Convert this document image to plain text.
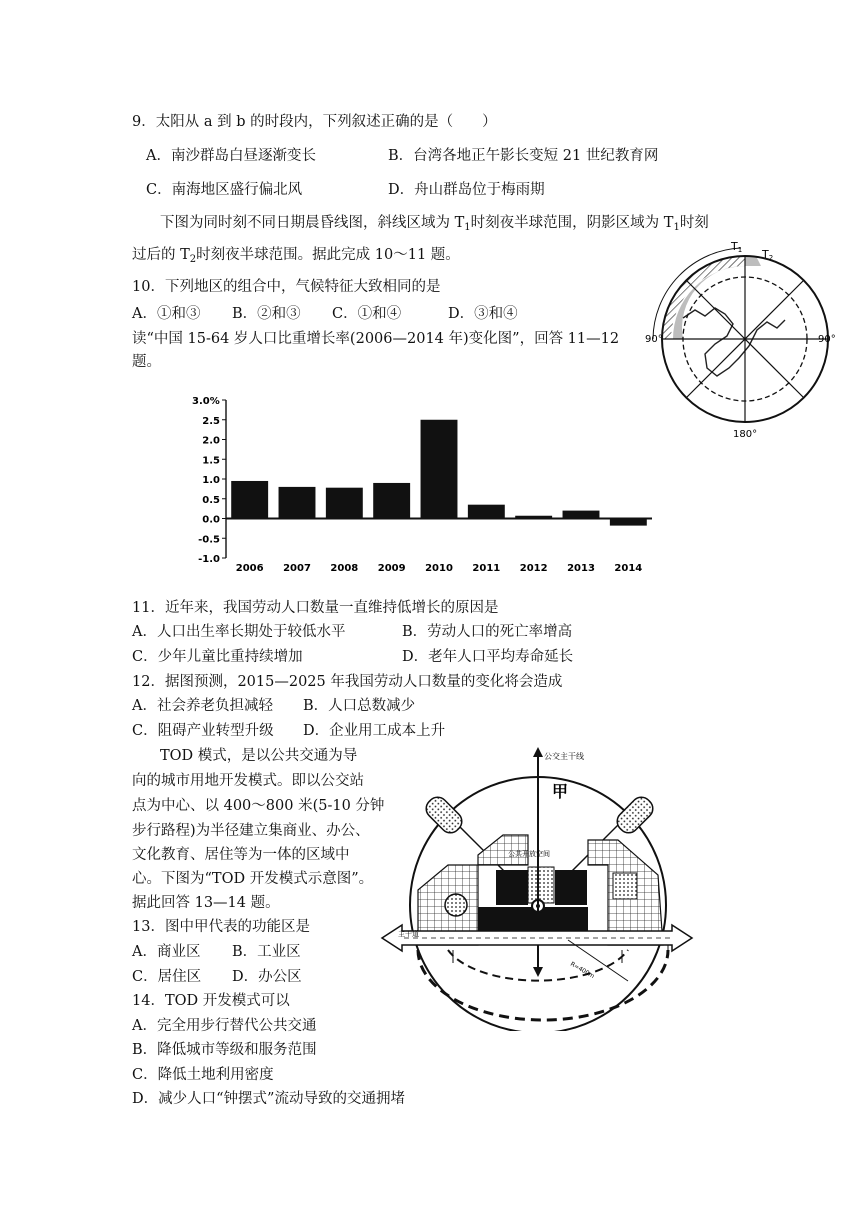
9．太阳从 a 到 b 的时段内，下列叙述正确的是（　　）
A．南沙群岛白昼逐渐变长	B．台湾各地正午影长变短 21 世纪教育网
C．南海地区盛行偏北风	D．舟山群岛位于梅雨期
下图为同时刻不同日期晨昏线图，斜线区域为 $T_1$时刻夜半球范围，阴影区域为 $T_1$时刻
过后的 $T_2$时刻夜半球范围。据此完成 10～11 题。
10．下列地区的组合中，气候特征大致相同的是
A．①和③ B．②和③ C．①和④	D．③和④
读“中国 15-64 岁人口比重增长率(2006—2014 年)变化图”，回答 11—12
题。
T1 T2
90°	90°
180°
-1.0
-0.5
0.0
0.5
1.0
1.5
2.0
2.5
3.0%
2006 2007 2008 2009 2010 2011 2012 2013 2014
11．近年来，我国劳动人口数量一直维持低增长的原因是
A．人口出生率长期处于较低水平	B．劳动人口的死亡率增高
C．少年儿童比重持续增加	D．老年人口平均寿命延长
12．据图预测，2015—2025 年我国劳动人口数量的变化将会造成
A．社会养老负担减轻 B．人口总数减少
C．阻碍产业转型升级 D．企业用工成本上升
TOD 模式，是以公共交通为导
向的城市用地开发模式。即以公交站
点为中心、以 400～800 米(5-10 分钟
步行路程)为半径建立集商业、办公、
文化教育、居住等为一体的区域中
心。下图为“TOD 开发模式示意图”。
据此回答 13—14 题。
公交主干线
甲
公共开放空间
主干道
R=400m
13．图中甲代表的功能区是
A．商业区 B．工业区
C．居住区 D．办公区
14．TOD 开发模式可以
A．完全用步行替代公共交通
B．降低城市等级和服务范围
C．降低土地利用密度
D．减少人口“钟摆式”流动导致的交通拥堵
